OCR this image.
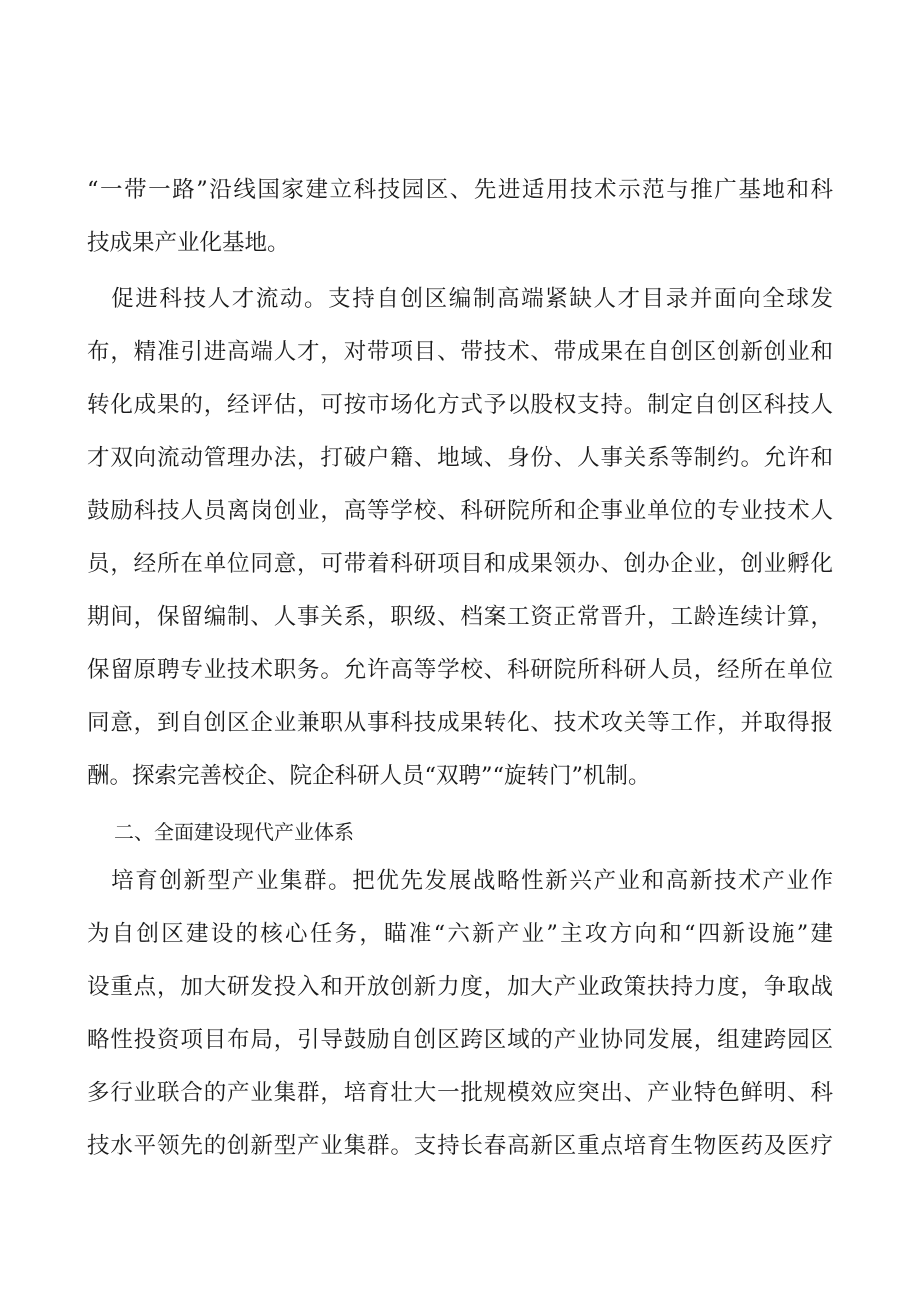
“一带一路”沿线国家建立科技园区、先进适用技术示范与推广基地和科
技成果产业化基地。
　促进科技人才流动。支持自创区编制高端紧缺人才目录并面向全球发
布，精准引进高端人才，对带项目、带技术、带成果在自创区创新创业和
转化成果的，经评估，可按市场化方式予以股权支持。制定自创区科技人
才双向流动管理办法，打破户籍、地域、身份、人事关系等制约。允许和
鼓励科技人员离岗创业，高等学校、科研院所和企事业单位的专业技术人
员，经所在单位同意，可带着科研项目和成果领办、创办企业，创业孵化
期间，保留编制、人事关系，职级、档案工资正常晋升，工龄连续计算，
保留原聘专业技术职务。允许高等学校、科研院所科研人员，经所在单位
同意，到自创区企业兼职从事科技成果转化、技术攻关等工作，并取得报
酬。探索完善校企、院企科研人员“双聘”“旋转门”机制。
二、全面建设现代产业体系
　培育创新型产业集群。把优先发展战略性新兴产业和高新技术产业作
为自创区建设的核心任务，瞄准“六新产业”主攻方向和“四新设施”建
设重点，加大研发投入和开放创新力度，加大产业政策扶持力度，争取战
略性投资项目布局，引导鼓励自创区跨区域的产业协同发展，组建跨园区
多行业联合的产业集群，培育壮大一批规模效应突出、产业特色鲜明、科
技水平领先的创新型产业集群。支持长春高新区重点培育生物医药及医疗
